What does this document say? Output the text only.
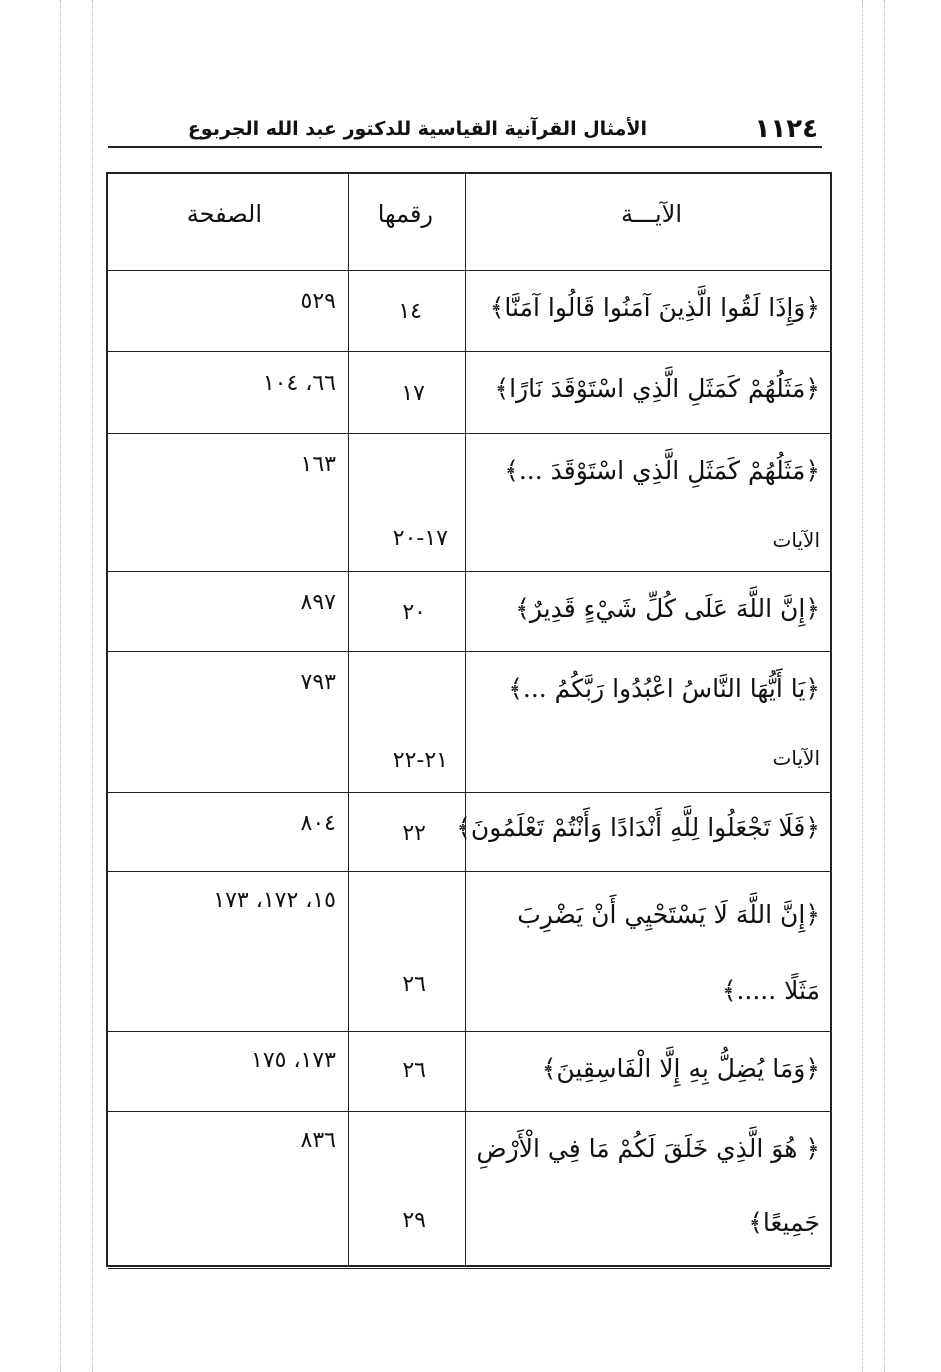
١١٢٤
الأمثال القرآنية القياسية للدكتور عبد الله الجربوع
الآيـــة
رقمها
الصفحة
﴿وَإِذَا لَقُوا الَّذِينَ آمَنُوا قَالُوا آمَنَّا﴾
١٤
٥٢٩
﴿مَثَلُهُمْ كَمَثَلِ الَّذِي اسْتَوْقَدَ نَارًا﴾
١٧
٦٦، ١٠٤
﴿مَثَلُهُمْ كَمَثَلِ الَّذِي اسْتَوْقَدَ ...﴾
الآيات
١٧-٢٠
١٦٣
﴿إِنَّ اللَّهَ عَلَى كُلِّ شَيْءٍ قَدِيرٌ﴾
٢٠
٨٩٧
﴿يَا أَيُّهَا النَّاسُ اعْبُدُوا رَبَّكُمُ ...﴾
الآيات
٢١-٢٢
٧٩٣
﴿فَلَا تَجْعَلُوا لِلَّهِ أَنْدَادًا وَأَنْتُمْ تَعْلَمُونَ﴾
٢٢
٨٠٤
﴿إِنَّ اللَّهَ لَا يَسْتَحْيِي أَنْ يَضْرِبَ
مَثَلًا .....﴾
٢٦
١٥، ١٧٢، ١٧٣
﴿وَمَا يُضِلُّ بِهِ إِلَّا الْفَاسِقِينَ﴾
٢٦
١٧٣، ١٧٥
﴿ هُوَ الَّذِي خَلَقَ لَكُمْ مَا فِي الْأَرْضِ
جَمِيعًا﴾
٢٩
٨٣٦
